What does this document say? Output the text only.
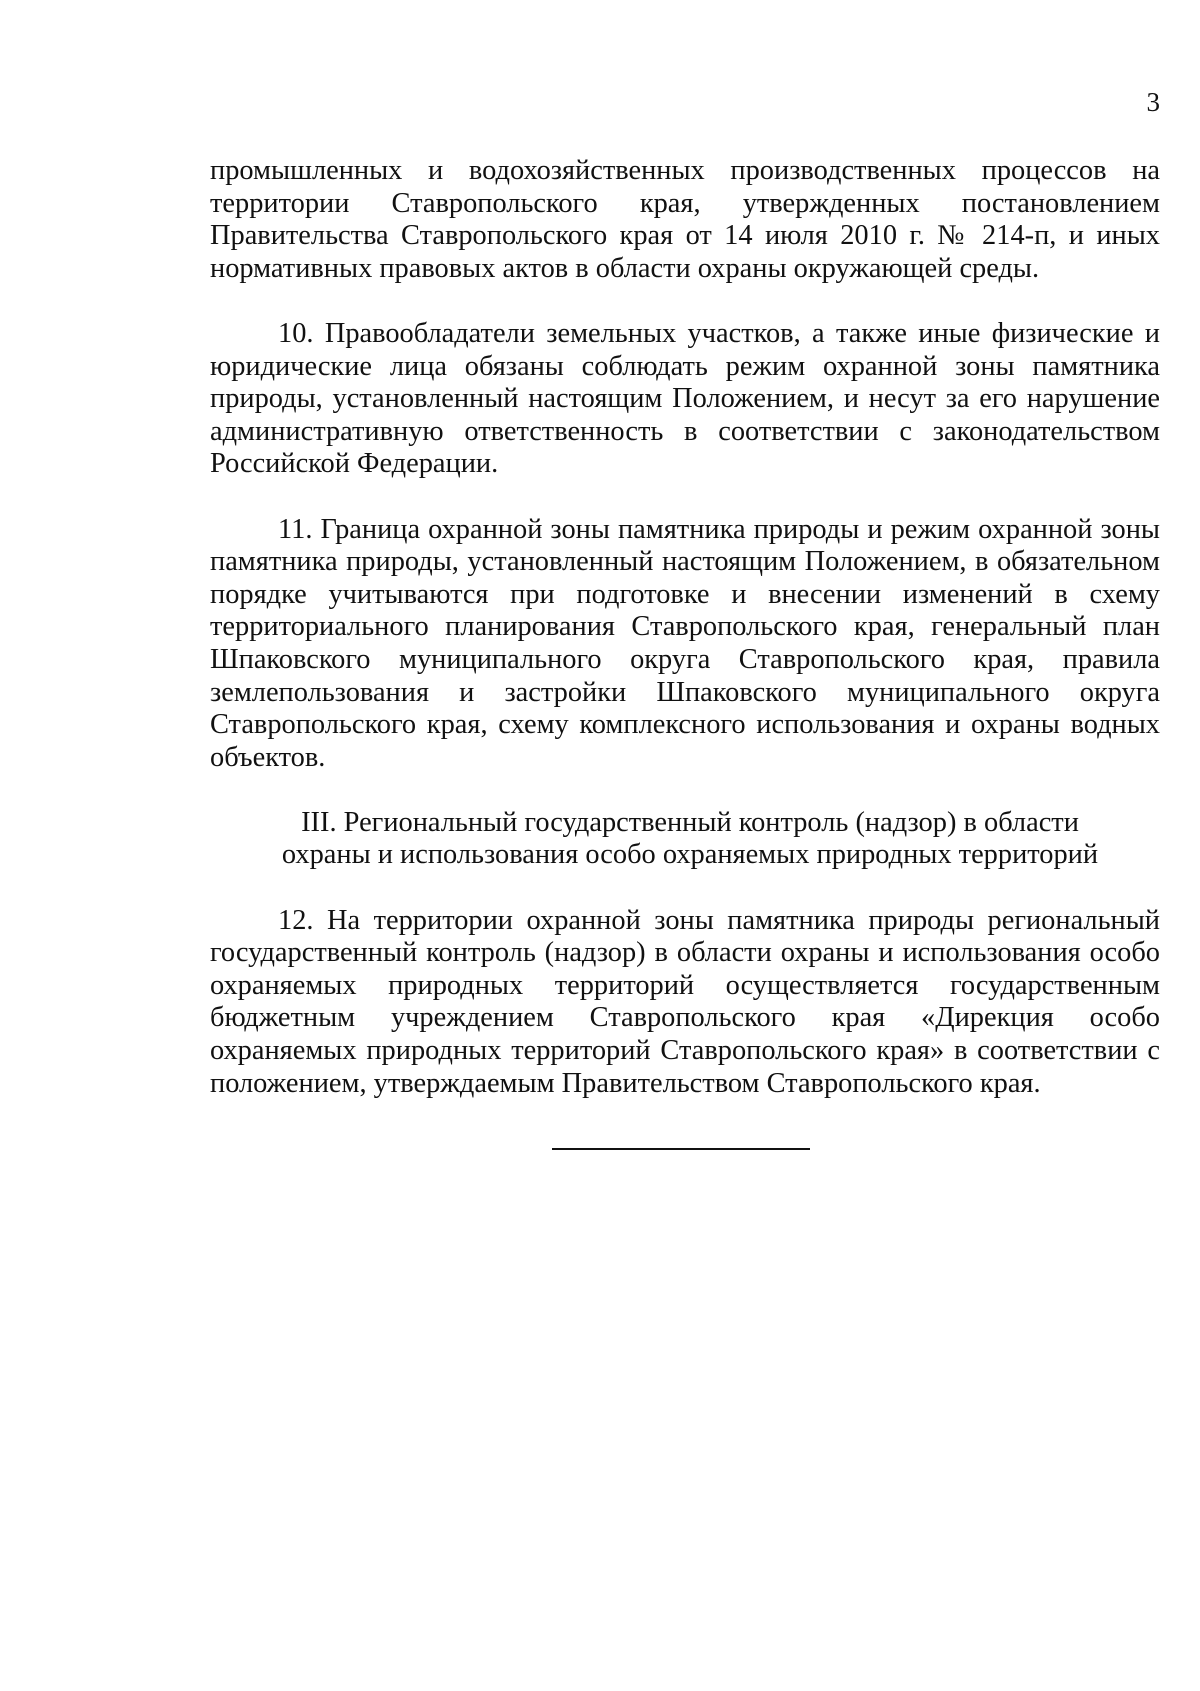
3

промышленных и водохозяйственных производственных процессов на территории Ставропольского края, утвержденных постановлением Правительства Ставропольского края от 14 июля 2010 г. № 214-п, и иных нормативных правовых актов в области охраны окружающей среды.

10. Правообладатели земельных участков, а также иные физические и юридические лица обязаны соблюдать режим охранной зоны памятника природы, установленный настоящим Положением, и несут за его нарушение административную ответственность в соответствии с законодательством Российской Федерации.

11. Граница охранной зоны памятника природы и режим охранной зоны памятника природы, установленный настоящим Положением, в обязательном порядке учитываются при подготовке и внесении изменений в схему территориального планирования Ставропольского края, генеральный план Шпаковского муниципального округа Ставропольского края, правила землепользования и застройки Шпаковского муниципального округа Ставропольского края, схему комплексного использования и охраны водных объектов.

III. Региональный государственный контроль (надзор) в области
охраны и использования особо охраняемых природных территорий

12. На территории охранной зоны памятника природы региональный государственный контроль (надзор) в области охраны и использования особо охраняемых природных территорий осуществляется государственным бюджетным учреждением Ставропольского края «Дирекция особо охраняемых природных территорий Ставропольского края» в соответствии с положением, утверждаемым Правительством Ставропольского края.
